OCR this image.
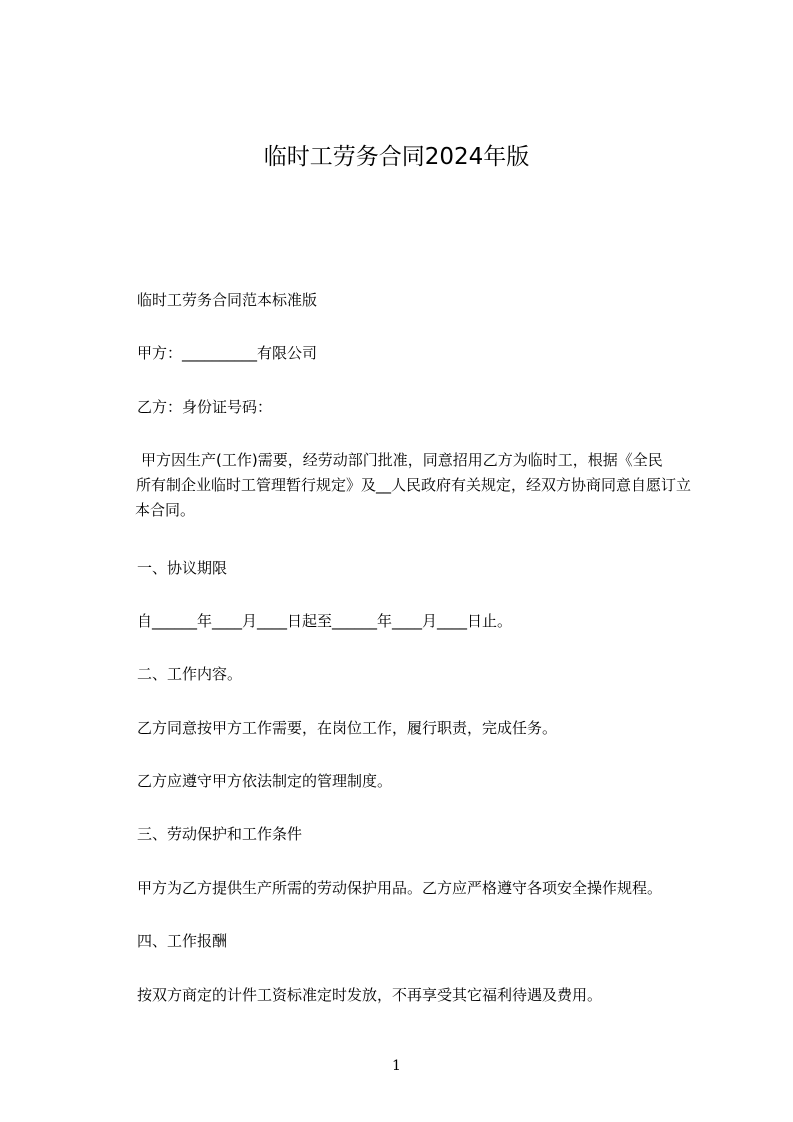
临时工劳务合同2024年版
临时工劳务合同范本标准版
甲方：__________有限公司
乙方：身份证号码：
甲方因生产(工作)需要，经劳动部门批准，同意招用乙方为临时工，根据《全民
所有制企业临时工管理暂行规定》及__人民政府有关规定，经双方协商同意自愿订立
本合同。
一、协议期限
自______年____月____日起至______年____月____日止。
二、工作内容。
乙方同意按甲方工作需要，在岗位工作，履行职责，完成任务。
乙方应遵守甲方依法制定的管理制度。
三、劳动保护和工作条件
甲方为乙方提供生产所需的劳动保护用品。乙方应严格遵守各项安全操作规程。
四、工作报酬
按双方商定的计件工资标准定时发放，不再享受其它福利待遇及费用。
1
